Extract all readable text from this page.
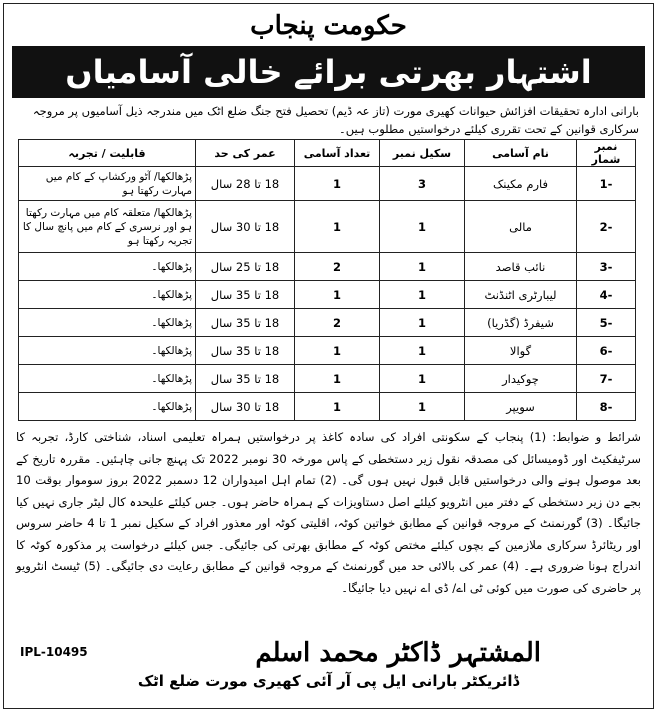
حکومت پنجاب
اشتہار بھرتی برائے خالی آسامیاں
بارانی ادارہ تحقیقات افزائش حیوانات کھیری مورت (تاز عہ ڈیم) تحصیل فتح جنگ ضلع اٹک میں مندرجہ ذیل آسامیوں پر مروجہ سرکاری قوانین کے تحت تقرری کیلئے درخواستیں مطلوب ہیں۔
نمبر شمار	نام آسامی	سکیل نمبر	تعداد آسامی	عمر کی حد	قابلیت / تجربہ
-1	فارم مکینک	3	1	18 تا 28 سال	پڑھالکھا/ آٹو ورکشاپ کے کام میں مہارت رکھتا ہو
-2	مالی	1	1	18 تا 30 سال	پڑھالکھا/ متعلقہ کام میں مہارت رکھتا ہو اور نرسری کے کام میں پانچ سال کا تجربہ رکھتا ہو
-3	نائب قاصد	1	2	18 تا 25 سال	پڑھالکھا۔
-4	لیبارٹری اٹنڈنٹ	1	1	18 تا 35 سال	پڑھالکھا۔
-5	شیفرڈ (گڈریا)	1	2	18 تا 35 سال	پڑھالکھا۔
-6	گوالا	1	1	18 تا 35 سال	پڑھالکھا۔
-7	چوکیدار	1	1	18 تا 35 سال	پڑھالکھا۔
-8	سویپر	1	1	18 تا 30 سال	پڑھالکھا۔
شرائط و ضوابط: (1) پنجاب کے سکونتی افراد کی سادہ کاغذ پر درخواستیں ہمراہ تعلیمی اسناد، شناختی کارڈ، تجربہ کا سرٹیفکیٹ اور ڈومیسائل کی مصدقہ نقول زیر دستخطی کے پاس مورخہ 30 نومبر 2022 تک پہنچ جانی چاہئیں۔ مقررہ تاریخ کے بعد موصول ہونے والی درخواستیں قابل قبول نہیں ہوں گی۔ (2) تمام اہل امیدواران 12 دسمبر 2022 بروز سوموار بوقت 10 بجے دن زیر دستخطی کے دفتر میں انٹرویو کیلئے اصل دستاویزات کے ہمراہ حاضر ہوں۔ جس کیلئے علیحدہ کال لیٹر جاری نہیں کیا جائیگا۔ (3) گورنمنٹ کے مروجہ قوانین کے مطابق خواتین کوٹہ، اقلیتی کوٹہ اور معذور افراد کے سکیل نمبر 1 تا 4 حاضر سروس اور ریٹائرڈ سرکاری ملازمین کے بچوں کیلئے مختص کوٹہ کے مطابق بھرتی کی جائیگی۔ جس کیلئے درخواست پر مذکورہ کوٹہ کا اندراج ہونا ضروری ہے۔ (4) عمر کی بالائی حد میں گورنمنٹ کے مروجہ قوانین کے مطابق رعایت دی جائیگی۔ (5) ٹیسٹ انٹرویو پر حاضری کی صورت میں کوئی ٹی اے/ ڈی اے نہیں دیا جائیگا۔
IPL-10495	المشتہر ڈاکٹر محمد اسلم
ڈائریکٹر بارانی ایل پی آر آئی کھیری مورت ضلع اٹک
